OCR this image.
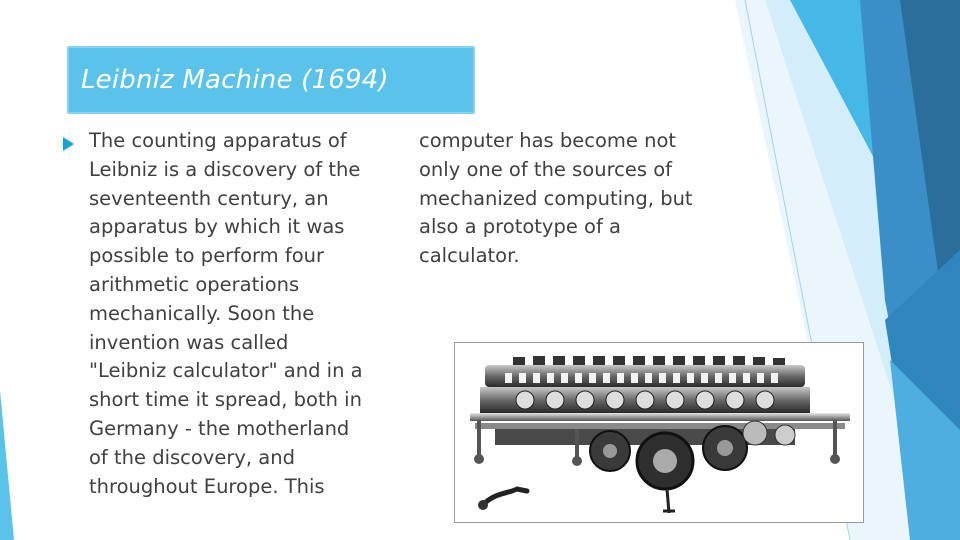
Leibniz Machine (1694)
The counting apparatus of
Leibniz is a discovery of the
seventeenth century, an
apparatus by which it was
possible to perform four
arithmetic operations
mechanically. Soon the
invention was called
"Leibniz calculator" and in a
short time it spread, both in
Germany - the motherland
of the discovery, and
throughout Europe. This
computer has become not
only one of the sources of
mechanized computing, but
also a prototype of a
calculator.
